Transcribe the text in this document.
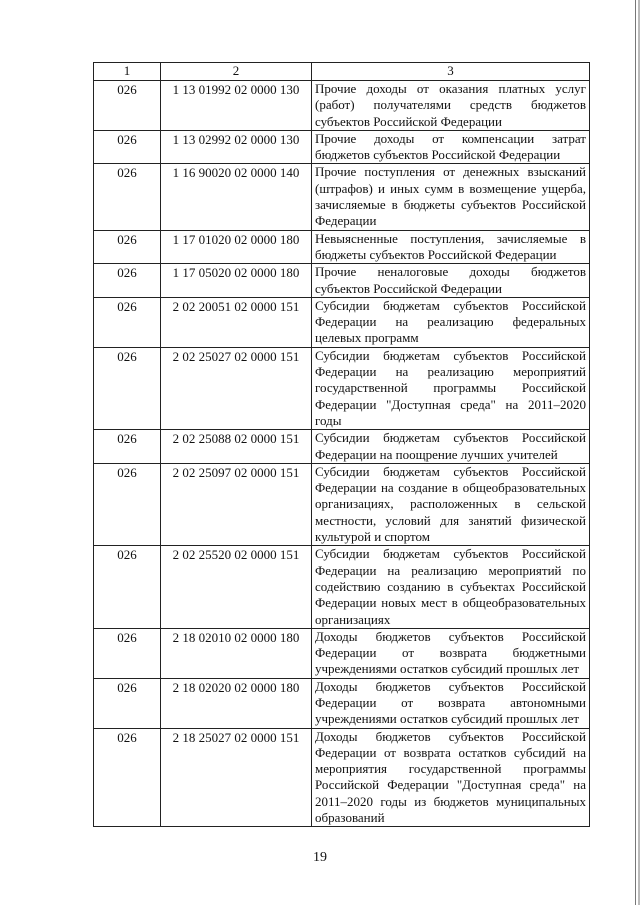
1	2	3
026	1 13 01992 02 0000 130	Прочие доходы от оказания платных услуг (работ) получателями средств бюджетов субъектов Российской Федерации
026	1 13 02992 02 0000 130	Прочие доходы от компенсации затрат бюджетов субъектов Российской Федерации
026	1 16 90020 02 0000 140	Прочие поступления от денежных взысканий (штрафов) и иных сумм в возмещение ущерба, зачисляемые в бюджеты субъектов Российской Федерации
026	1 17 01020 02 0000 180	Невыясненные поступления, зачисляемые в бюджеты субъектов Российской Федерации
026	1 17 05020 02 0000 180	Прочие неналоговые доходы бюджетов субъектов Российской Федерации
026	2 02 20051 02 0000 151	Субсидии бюджетам субъектов Российской Федерации на реализацию федеральных целевых программ
026	2 02 25027 02 0000 151	Субсидии бюджетам субъектов Российской Федерации на реализацию мероприятий государственной программы Российской Федерации "Доступная среда" на 2011–2020 годы
026	2 02 25088 02 0000 151	Субсидии бюджетам субъектов Российской Федерации на поощрение лучших учителей
026	2 02 25097 02 0000 151	Субсидии бюджетам субъектов Российской Федерации на создание в общеобразовательных организациях, расположенных в сельской местности, условий для занятий физической культурой и спортом
026	2 02 25520 02 0000 151	Субсидии бюджетам субъектов Российской Федерации на реализацию мероприятий по содействию созданию в субъектах Российской Федерации новых мест в общеобразовательных организациях
026	2 18 02010 02 0000 180	Доходы бюджетов субъектов Российской Федерации от возврата бюджетными учреждениями остатков субсидий прошлых лет
026	2 18 02020 02 0000 180	Доходы бюджетов субъектов Российской Федерации от возврата автономными учреждениями остатков субсидий прошлых лет
026	2 18 25027 02 0000 151	Доходы бюджетов субъектов Российской Федерации от возврата остатков субсидий на мероприятия государственной программы Российской Федерации "Доступная среда" на 2011–2020 годы из бюджетов муниципальных образований
19
